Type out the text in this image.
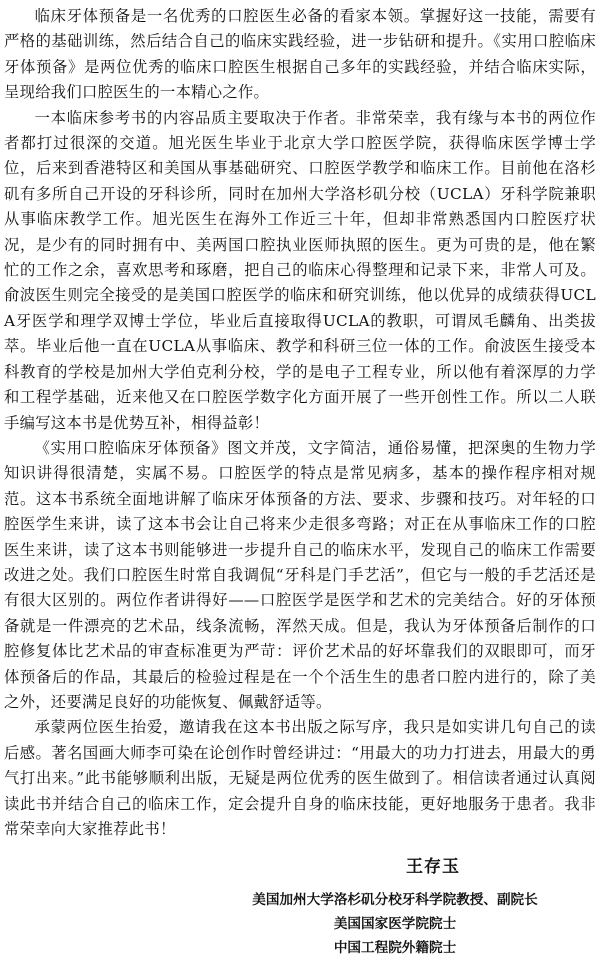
临床牙体预备是一名优秀的口腔医生必备的看家本领。掌握好这一技能，需要有严格的基础训练，然后结合自己的临床实践经验，进一步钻研和提升。《实用口腔临床牙体预备》是两位优秀的临床口腔医生根据自己多年的实践经验，并结合临床实际，呈现给我们口腔医生的一本精心之作。

一本临床参考书的内容品质主要取决于作者。非常荣幸，我有缘与本书的两位作者都打过很深的交道。旭光医生毕业于北京大学口腔医学院，获得临床医学博士学位，后来到香港特区和美国从事基础研究、口腔医学教学和临床工作。目前他在洛杉矶有多所自己开设的牙科诊所，同时在加州大学洛杉矶分校（UCLA）牙科学院兼职从事临床教学工作。旭光医生在海外工作近三十年，但却非常熟悉国内口腔医疗状况，是少有的同时拥有中、美两国口腔执业医师执照的医生。更为可贵的是，他在繁忙的工作之余，喜欢思考和琢磨，把自己的临床心得整理和记录下来，非常人可及。俞波医生则完全接受的是美国口腔医学的临床和研究训练，他以优异的成绩获得UCLA牙医学和理学双博士学位，毕业后直接取得UCLA的教职，可谓凤毛麟角、出类拔萃。毕业后他一直在UCLA从事临床、教学和科研三位一体的工作。俞波医生接受本科教育的学校是加州大学伯克利分校，学的是电子工程专业，所以他有着深厚的力学和工程学基础，近来他又在口腔医学数字化方面开展了一些开创性工作。所以二人联手编写这本书是优势互补，相得益彰！

《实用口腔临床牙体预备》图文并茂，文字简洁，通俗易懂，把深奥的生物力学知识讲得很清楚，实属不易。口腔医学的特点是常见病多，基本的操作程序相对规范。这本书系统全面地讲解了临床牙体预备的方法、要求、步骤和技巧。对年轻的口腔医学生来讲，读了这本书会让自己将来少走很多弯路；对正在从事临床工作的口腔医生来讲，读了这本书则能够进一步提升自己的临床水平，发现自己的临床工作需要改进之处。我们口腔医生时常自我调侃“牙科是门手艺活”，但它与一般的手艺活还是有很大区别的。两位作者讲得好——口腔医学是医学和艺术的完美结合。好的牙体预备就是一件漂亮的艺术品，线条流畅，浑然天成。但是，我认为牙体预备后制作的口腔修复体比艺术品的审查标准更为严苛：评价艺术品的好坏靠我们的双眼即可，而牙体预备后的作品，其最后的检验过程是在一个个活生生的患者口腔内进行的，除了美之外，还要满足良好的功能恢复、佩戴舒适等。

承蒙两位医生抬爱，邀请我在这本书出版之际写序，我只是如实讲几句自己的读后感。著名国画大师李可染在论创作时曾经讲过：“用最大的功力打进去，用最大的勇气打出来。”此书能够顺利出版，无疑是两位优秀的医生做到了。相信读者通过认真阅读此书并结合自己的临床工作，定会提升自身的临床技能，更好地服务于患者。我非常荣幸向大家推荐此书！

王存玉
美国加州大学洛杉矶分校牙科学院教授、副院长
美国国家医学院院士
中国工程院外籍院士
